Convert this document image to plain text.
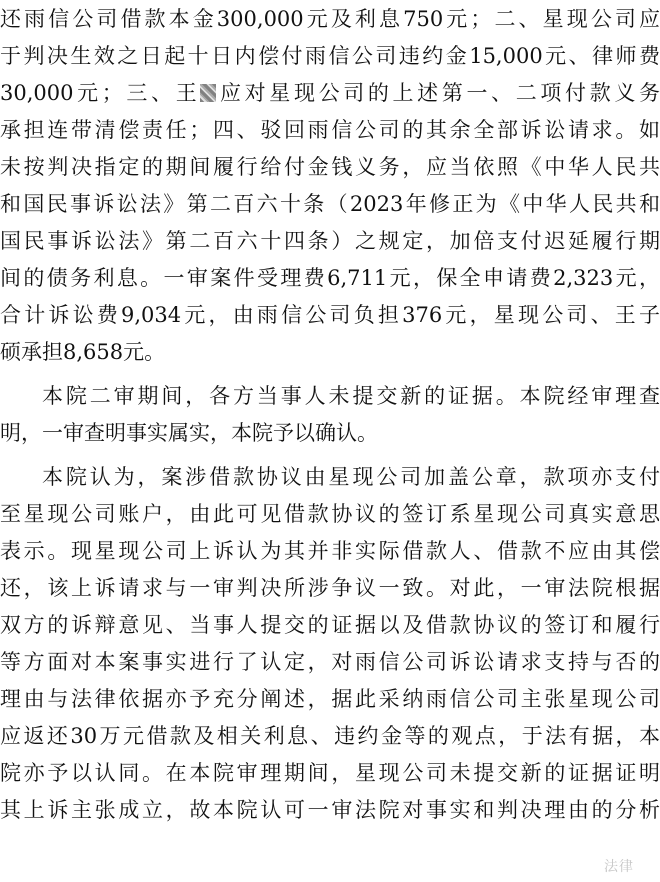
还雨信公司借款本金300,000元及利息750元；二、星现公司应
于判决生效之日起十日内偿付雨信公司违约金15,000元、律师费
30,000元；三、王 应对星现公司的上述第一、二项付款义务
承担连带清偿责任；四、驳回雨信公司的其余全部诉讼请求。如
未按判决指定的期间履行给付金钱义务，应当依照《中华人民共
和国民事诉讼法》第二百六十条（2023年修正为《中华人民共和
国民事诉讼法》第二百六十四条）之规定，加倍支付迟延履行期
间的债务利息。一审案件受理费6,711元，保全申请费2,323元，
合计诉讼费9,034元，由雨信公司负担376元，星现公司、王子
硕承担8,658元。
本院二审期间，各方当事人未提交新的证据。本院经审理查
明，一审查明事实属实，本院予以确认。
本院认为，案涉借款协议由星现公司加盖公章，款项亦支付
至星现公司账户，由此可见借款协议的签订系星现公司真实意思
表示。现星现公司上诉认为其并非实际借款人、借款不应由其偿
还，该上诉请求与一审判决所涉争议一致。对此，一审法院根据
双方的诉辩意见、当事人提交的证据以及借款协议的签订和履行
等方面对本案事实进行了认定，对雨信公司诉讼请求支持与否的
理由与法律依据亦予充分阐述，据此采纳雨信公司主张星现公司
应返还30万元借款及相关利息、违约金等的观点，于法有据，本
院亦予以认同。在本院审理期间，星现公司未提交新的证据证明
其上诉主张成立，故本院认可一审法院对事实和判决理由的分析
法律
